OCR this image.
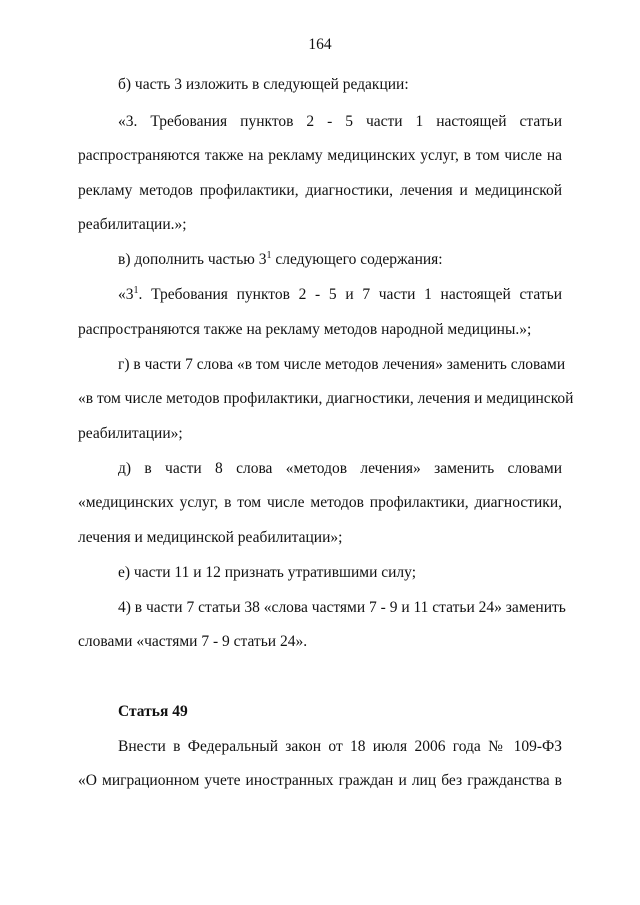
164
б) часть 3 изложить в следующей редакции:
«3. Требования пунктов 2 - 5 части 1 настоящей статьи
распространяются также на рекламу медицинских услуг, в том числе на
рекламу методов профилактики, диагностики, лечения и медицинской
реабилитации.»;
в) дополнить частью $3^1$ следующего содержания:
«$3^1$. Требования пунктов 2 - 5 и 7 части 1 настоящей статьи
распространяются также на рекламу методов народной медицины.»;
г) в части 7 слова «в том числе методов лечения» заменить словами
«в том числе методов профилактики, диагностики, лечения и медицинской
реабилитации»;
д) в части 8 слова «методов лечения» заменить словами
«медицинских услуг, в том числе методов профилактики, диагностики,
лечения и медицинской реабилитации»;
е) части 11 и 12 признать утратившими силу;
4) в части 7 статьи 38 «слова частями 7 - 9 и 11 статьи 24» заменить
словами «частями 7 - 9 статьи 24».
Статья 49
Внести в Федеральный закон от 18 июля 2006 года № 109-ФЗ
«О миграционном учете иностранных граждан и лиц без гражданства в
